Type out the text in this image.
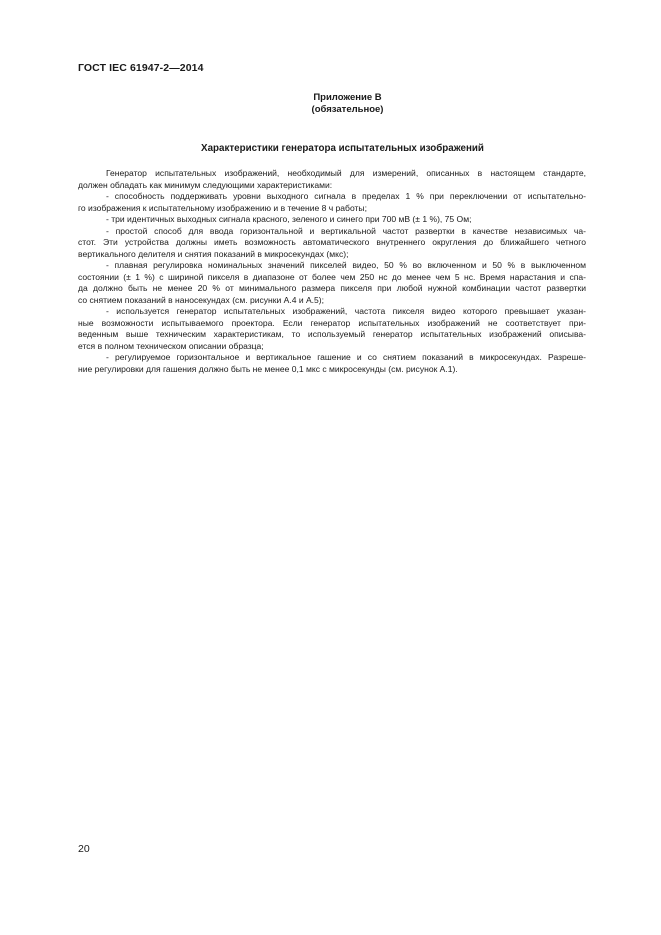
ГОСТ IEC 61947-2—2014
Приложение В
(обязательное)
Характеристики генератора испытательных изображений
Генератор испытательных изображений, необходимый для измерений, описанных в настоящем стандарте,
должен обладать как минимум следующими характеристиками:
- способность поддерживать уровни выходного сигнала в пределах 1 % при переключении от испытательно-
го изображения к испытательному изображению и в течение 8 ч работы;
- три идентичных выходных сигнала красного, зеленого и синего при 700 мВ (± 1 %), 75 Ом;
- простой способ для ввода горизонтальной и вертикальной частот развертки в качестве независимых ча-
стот. Эти устройства должны иметь возможность автоматического внутреннего округления до ближайшего четного
вертикального делителя и снятия показаний в микросекундах (мкс);
- плавная регулировка номинальных значений пикселей видео, 50 % во включенном и 50 % в выключенном
состоянии (± 1 %) с шириной пикселя в диапазоне от более чем 250 нс до менее чем 5 нс. Время нарастания и спа-
да должно быть не менее 20 % от минимального размера пикселя при любой нужной комбинации частот развертки
со снятием показаний в наносекундах (см. рисунки А.4 и А.5);
- используется генератор испытательных изображений, частота пикселя видео которого превышает указан-
ные возможности испытываемого проектора. Если генератор испытательных изображений не соответствует при-
веденным выше техническим характеристикам, то используемый генератор испытательных изображений описыва-
ется в полном техническом описании образца;
- регулируемое горизонтальное и вертикальное гашение и со снятием показаний в микросекундах. Разреше-
ние регулировки для гашения должно быть не менее 0,1 мкс с микросекунды (см. рисунок А.1).
20
